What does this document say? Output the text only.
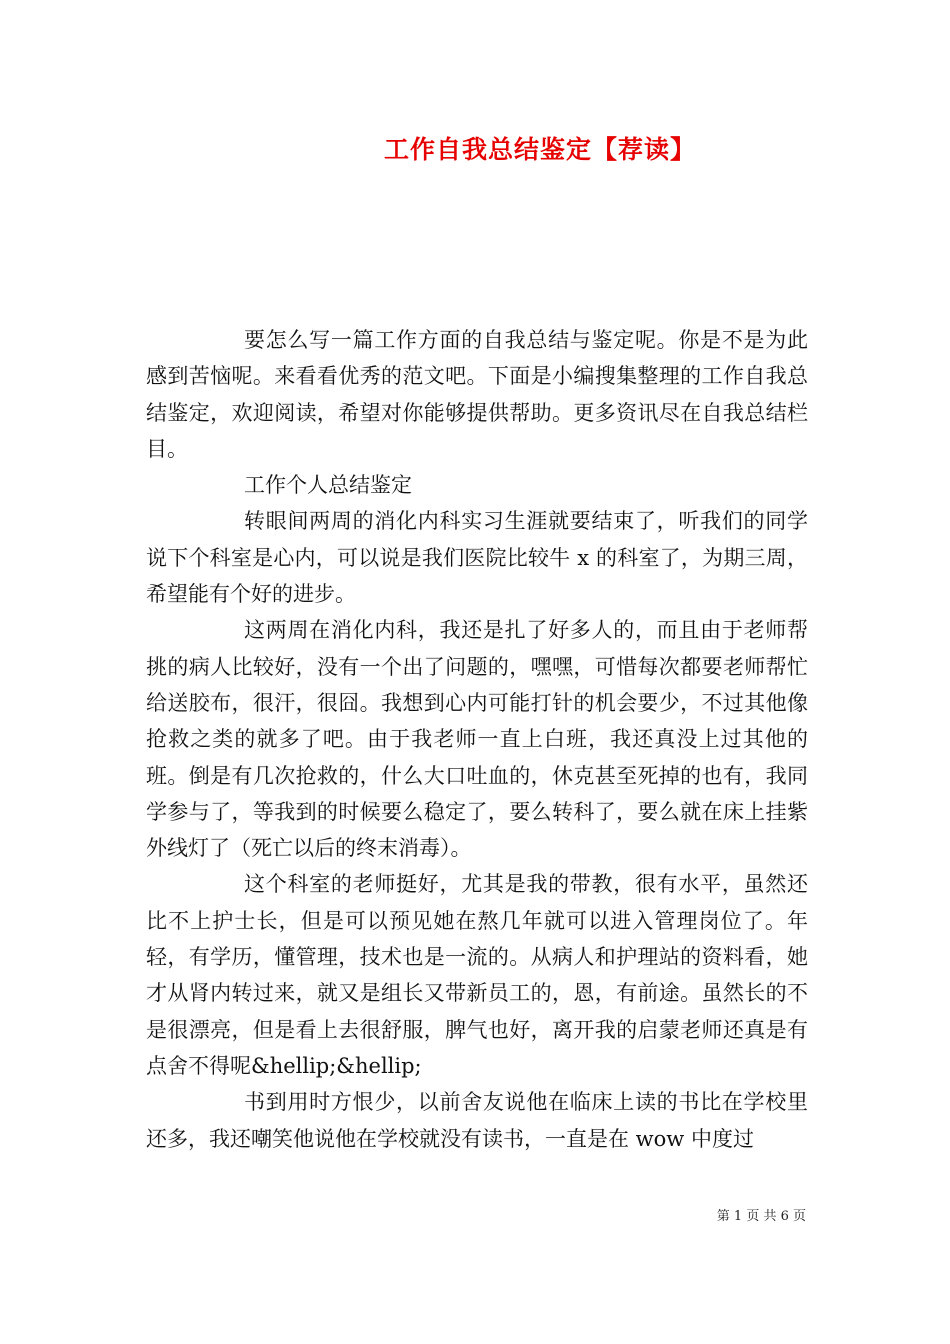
工作自我总结鉴定【荐读】

要怎么写一篇工作方面的自我总结与鉴定呢。你是不是为此感到苦恼呢。来看看优秀的范文吧。下面是小编搜集整理的工作自我总结鉴定，欢迎阅读，希望对你能够提供帮助。更多资讯尽在自我总结栏目。

工作个人总结鉴定

转眼间两周的消化内科实习生涯就要结束了，听我们的同学说下个科室是心内，可以说是我们医院比较牛 x 的科室了，为期三周，希望能有个好的进步。

这两周在消化内科，我还是扎了好多人的，而且由于老师帮挑的病人比较好，没有一个出了问题的，嘿嘿，可惜每次都要老师帮忙给送胶布，很汗，很囧。我想到心内可能打针的机会要少，不过其他像抢救之类的就多了吧。由于我老师一直上白班，我还真没上过其他的班。倒是有几次抢救的，什么大口吐血的，休克甚至死掉的也有，我同学参与了，等我到的时候要么稳定了，要么转科了，要么就在床上挂紫外线灯了（死亡以后的终末消毒）。

这个科室的老师挺好，尤其是我的带教，很有水平，虽然还比不上护士长，但是可以预见她在熬几年就可以进入管理岗位了。年轻，有学历，懂管理，技术也是一流的。从病人和护理站的资料看，她才从肾内转过来，就又是组长又带新员工的，恩，有前途。虽然长的不是很漂亮，但是看上去很舒服，脾气也好，离开我的启蒙老师还真是有点舍不得呢&hellip;&hellip;

书到用时方恨少，以前舍友说他在临床上读的书比在学校里还多，我还嘲笑他说他在学校就没有读书，一直是在 wow 中度过

第 1 页 共 6 页
